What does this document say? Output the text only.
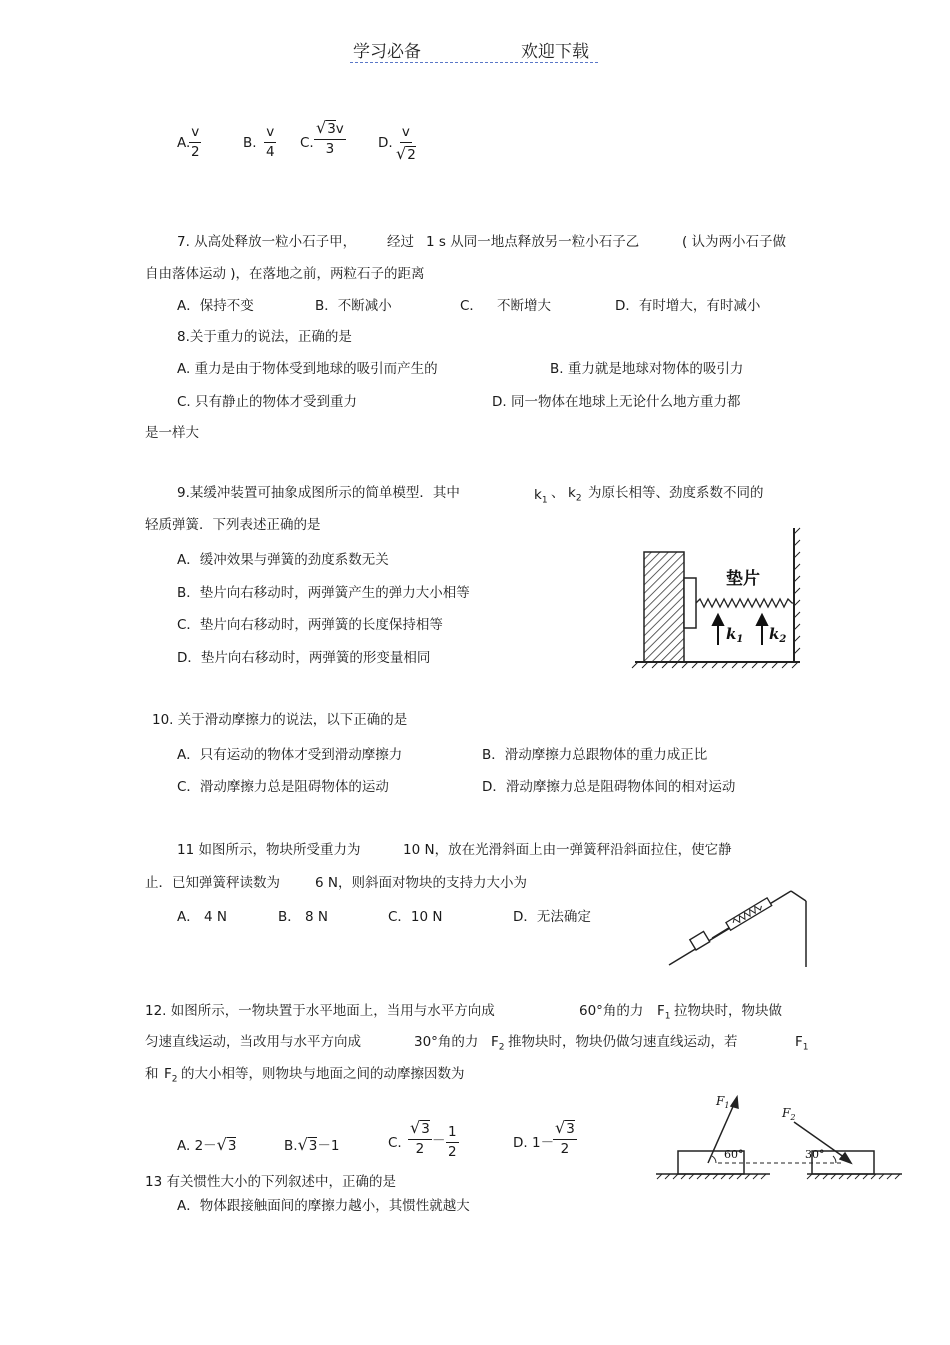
学习必备	欢迎下载
A.
$\frac{v}{2}$	B. $\frac{v}{4} C$. $\frac{√3v}{3} D$. $\frac{v}{√2}$
7. 从高处释放一粒小石子甲， 经过 1 s 从同一地点释放另一粒小石子乙	( 认为两小石子做
自由落体运动 )，在落地之前，两粒石子的距离
A．保持不变	B．不断减小	C． 不断增大	D．有时增大，有时减小
8.关于重力的说法，正确的是
A. 重力是由于物体受到地球的吸引而产生的	B. 重力就是地球对物体的吸引力
C. 只有静止的物体才受到重力	D. 同一物体在地球上无论什么地方重力都
是一样大
9.某缓冲装置可抽象成图所示的简单模型．其中	$k_1$ 、 $k_2$ 为原长相等、劲度系数不同的
轻质弹簧．下列表述正确的是
A．缓冲效果与弹簧的劲度系数无关
B．垫片向右移动时，两弹簧产生的弹力大小相等
C．垫片向右移动时，两弹簧的长度保持相等
D．垫片向右移动时，两弹簧的形变量相同
垫片
$k_1$ $k_2$
10. 关于滑动摩擦力的说法，以下正确的是
A．只有运动的物体才受到滑动摩擦力	B．滑动摩擦力总跟物体的重力成正比
C．滑动摩擦力总是阻碍物体的运动	D．滑动摩擦力总是阻碍物体间的相对运动
11 如图所示，物块所受重力为	10 N，放在光滑斜面上由一弹簧秤沿斜面拉住，使它静
止．已知弹簧秤读数为	6 N，则斜面对物块的支持力大小为
A． 4 N	B． 8 N	C．10 N	D．无法确定
12. 如图所示，一物块置于水平地面上，当用与水平方向成	60°角的力 $F_1$ 拉物块时，物块做
匀速直线运动，当改用与水平方向成	30°角的力 $F_2$ 推物块时，物块仍做匀速直线运动，若	$F_1$
和 $F_2$ 的大小相等，则物块与地面之间的动摩擦因数为
A. 2－√3	B.√3－1	C. $\frac{√3}{2} - \frac{1}{2}$	D. 1－
$\frac{√3}{2}$
$F_1$
$F_2$
60°	30°
13 有关惯性大小的下列叙述中，正确的是
A．物体跟接触面间的摩擦力越小，其惯性就越大
